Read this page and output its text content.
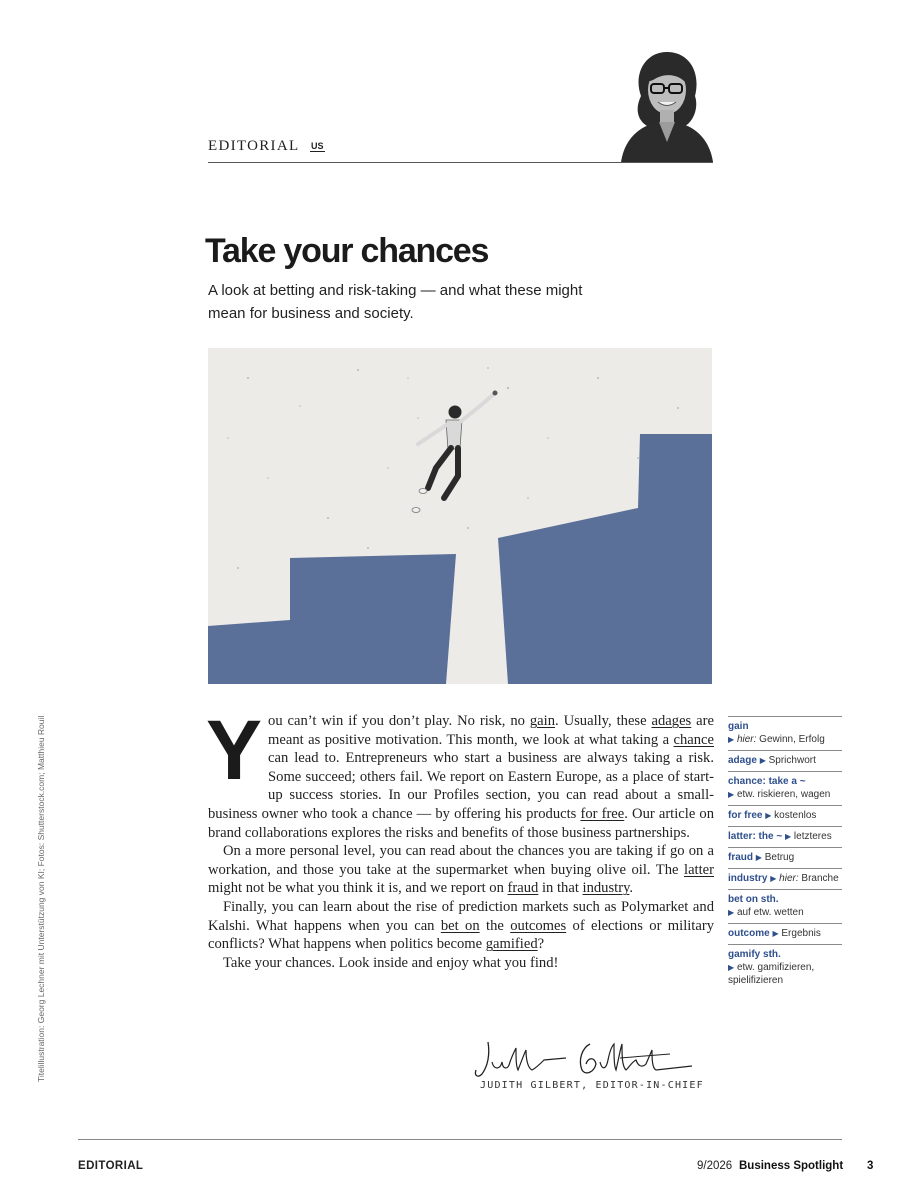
EDITORIAL US
Take your chances
A look at betting and risk-taking — and what these might mean for business and society.

You can’t win if you don’t play. No risk, no gain. Usually, these adages are meant as positive motivation. This month, we look at what taking a chance can lead to. Entrepreneurs who start a business are always taking a risk. Some succeed; others fail. We report on Eastern Europe, as a place of start-up success stories. In our Profiles section, you can read about a small-business owner who took a chance — by offering his products for free. Our article on brand collaborations explores the risks and benefits of those business partnerships.

On a more personal level, you can read about the chances you are taking if go on a workation, and those you take at the supermarket when buying olive oil. The latter might not be what you think it is, and we report on fraud in that industry.

Finally, you can learn about the rise of prediction markets such as Polymarket and Kalshi. What happens when you can bet on the outcomes of elections or military conflicts? What happens when politics become gamified?

Take your chances. Look inside and enjoy what you find!

gain
▶ hier: Gewinn, Erfolg
adage ▶ Sprichwort
chance: take a ~
▶ etw. riskieren, wagen
for free ▶ kostenlos
latter: the ~ ▶ letzteres
fraud ▶ Betrug
industry ▶ hier: Branche
bet on sth.
▶ auf etw. wetten
outcome ▶ Ergebnis
gamify sth.
▶ etw. gamifizieren, spielifizieren
JUDITH GILBERT, EDITOR-IN-CHIEF
Titelillustration: Georg Lechner mit Unterstützung von KI; Fotos: Shutterstock.com; Matthieu Rouil
EDITORIAL	9/2026 Business Spotlight 3
